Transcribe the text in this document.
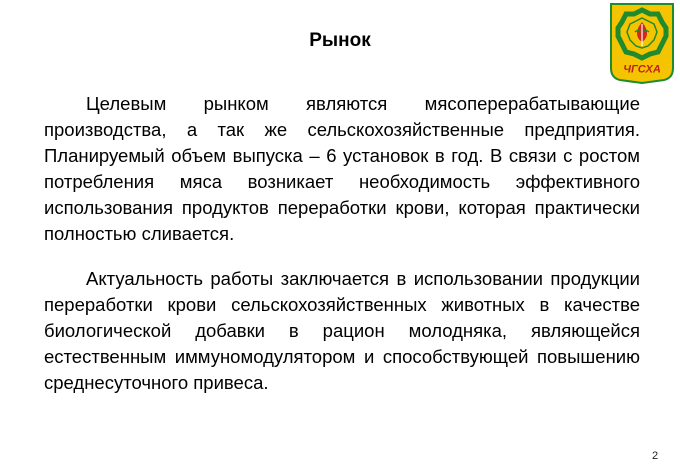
Рынок

Целевым рынком являются мясоперерабатывающие производства, а так же сельскохозяйственные предприятия. Планируемый объем выпуска – 6 установок в год. В связи с ростом потребления мяса возникает необходимость эффективного использования продуктов переработки крови, которая практически полностью сливается.

Актуальность работы заключается в использовании продукции переработки крови сельскохозяйственных животных в качестве биологической добавки в рацион молодняка, являющейся естественным иммуномодулятором и способствующей повышению среднесуточного привеса.

ЧГСХА
2
